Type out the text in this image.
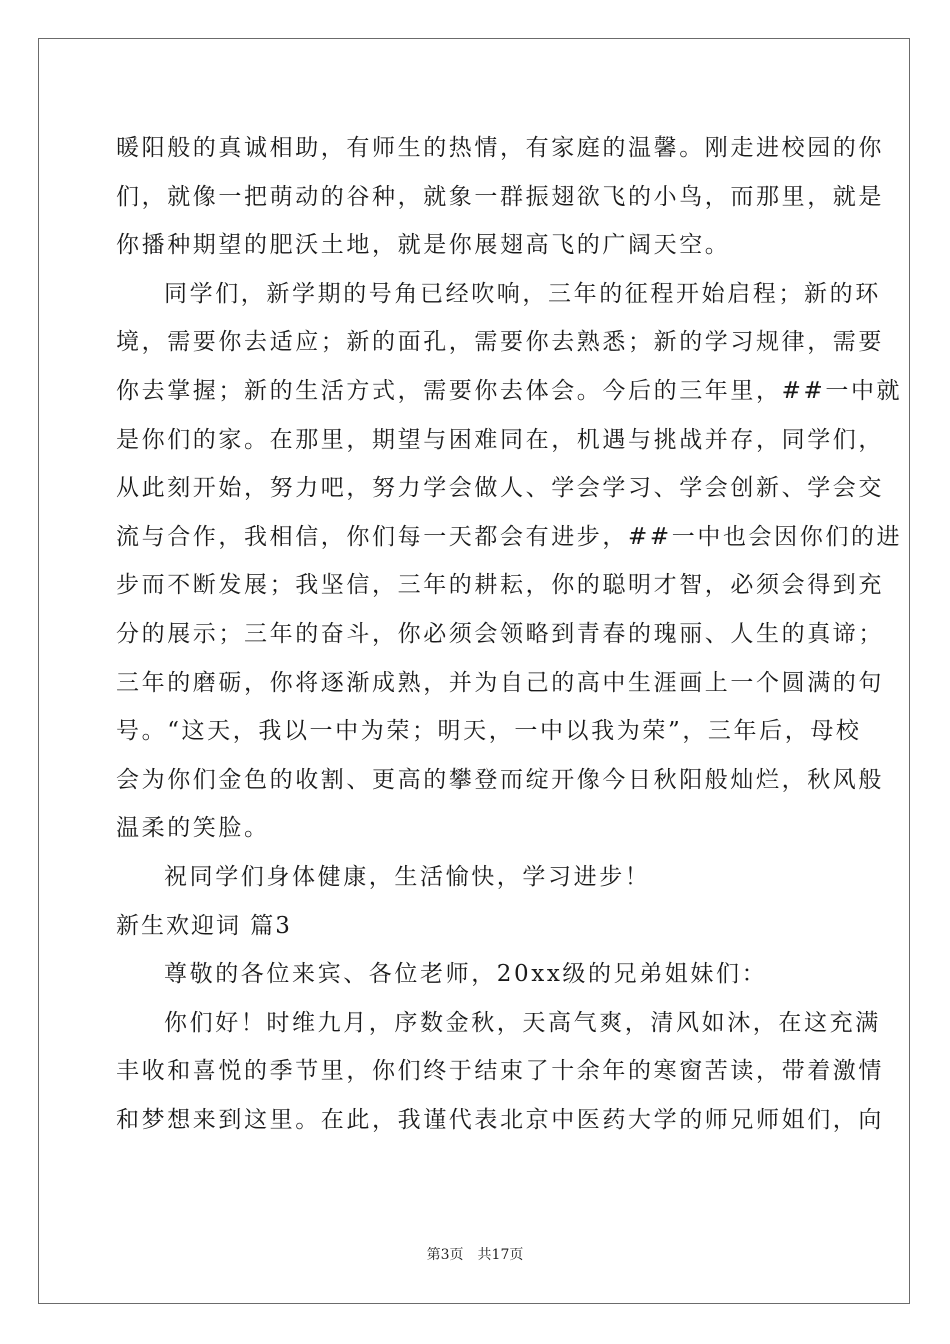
暖阳般的真诚相助，有师生的热情，有家庭的温馨。刚走进校园的你
们，就像一把萌动的谷种，就象一群振翅欲飞的小鸟，而那里，就是
你播种期望的肥沃土地，就是你展翅高飞的广阔天空。
同学们，新学期的号角已经吹响，三年的征程开始启程；新的环
境，需要你去适应；新的面孔，需要你去熟悉；新的学习规律，需要
你去掌握；新的生活方式，需要你去体会。今后的三年里，##一中就
是你们的家。在那里，期望与困难同在，机遇与挑战并存，同学们，
从此刻开始，努力吧，努力学会做人、学会学习、学会创新、学会交
流与合作，我相信，你们每一天都会有进步，##一中也会因你们的进
步而不断发展；我坚信，三年的耕耘，你的聪明才智，必须会得到充
分的展示；三年的奋斗，你必须会领略到青春的瑰丽、人生的真谛；
三年的磨砺，你将逐渐成熟，并为自己的高中生涯画上一个圆满的句
号。“这天，我以一中为荣；明天，一中以我为荣”，三年后，母校
会为你们金色的收割、更高的攀登而绽开像今日秋阳般灿烂，秋风般
温柔的笑脸。
祝同学们身体健康，生活愉快，学习进步！
新生欢迎词 篇3
尊敬的各位来宾、各位老师，20xx级的兄弟姐妹们：
你们好！时维九月，序数金秋，天高气爽，清风如沐，在这充满
丰收和喜悦的季节里，你们终于结束了十余年的寒窗苦读，带着激情
和梦想来到这里。在此，我谨代表北京中医药大学的师兄师姐们，向
第3页 共17页
